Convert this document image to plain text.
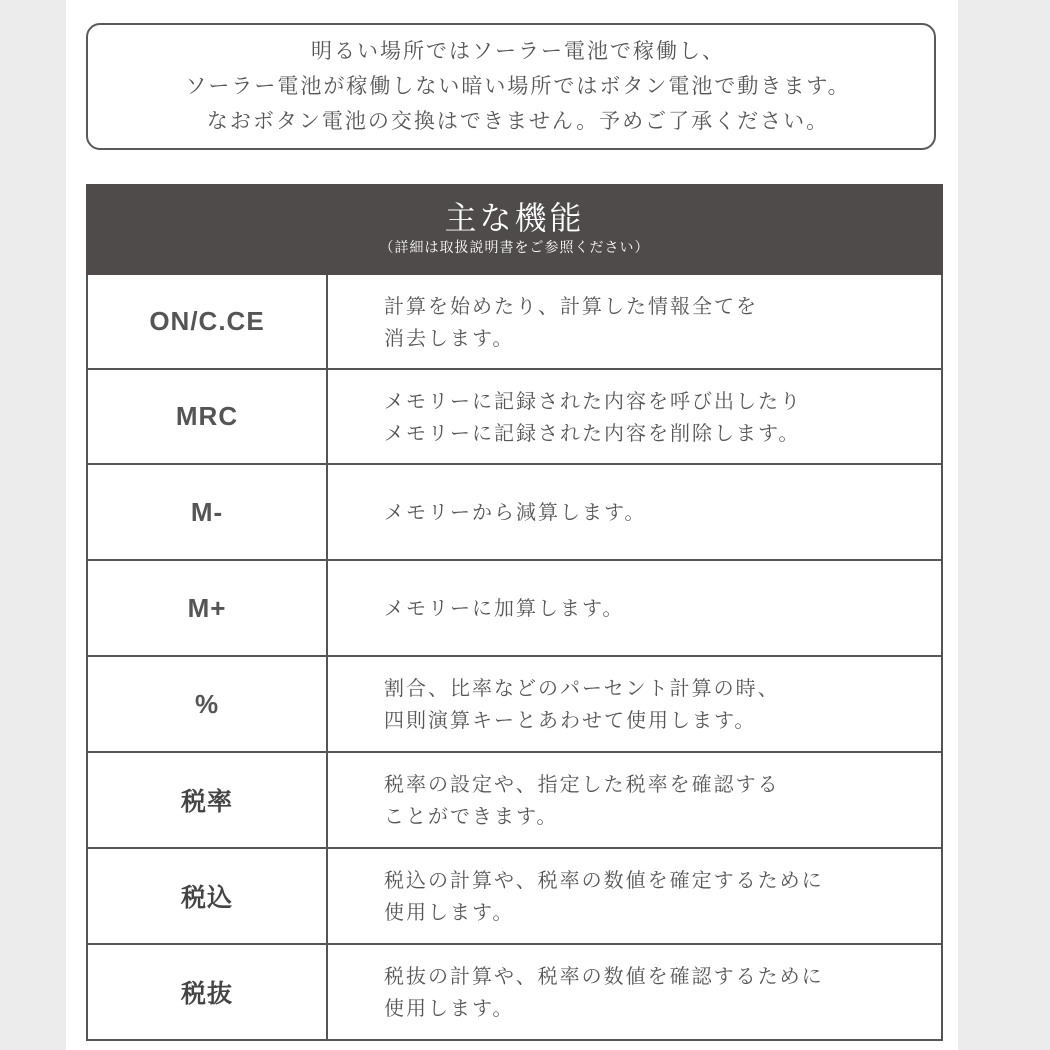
明るい場所ではソーラー電池で稼働し、
ソーラー電池が稼働しない暗い場所ではボタン電池で動きます。
なおボタン電池の交換はできません。予めご了承ください。
主な機能
（詳細は取扱説明書をご参照ください）	

ON/C.CE	計算を始めたり、計算した情報全てを
消去します。

MRC	メモリーに記録された内容を呼び出したり
メモリーに記録された内容を削除します。

M-	メモリーから減算します。

M+	メモリーに加算します。

%	割合、比率などのパーセント計算の時、
四則演算キーとあわせて使用します。

税率	税率の設定や、指定した税率を確認する
ことができます。

税込	税込の計算や、税率の数値を確定するために
使用します。

税抜	税抜の計算や、税率の数値を確認するために
使用します。
